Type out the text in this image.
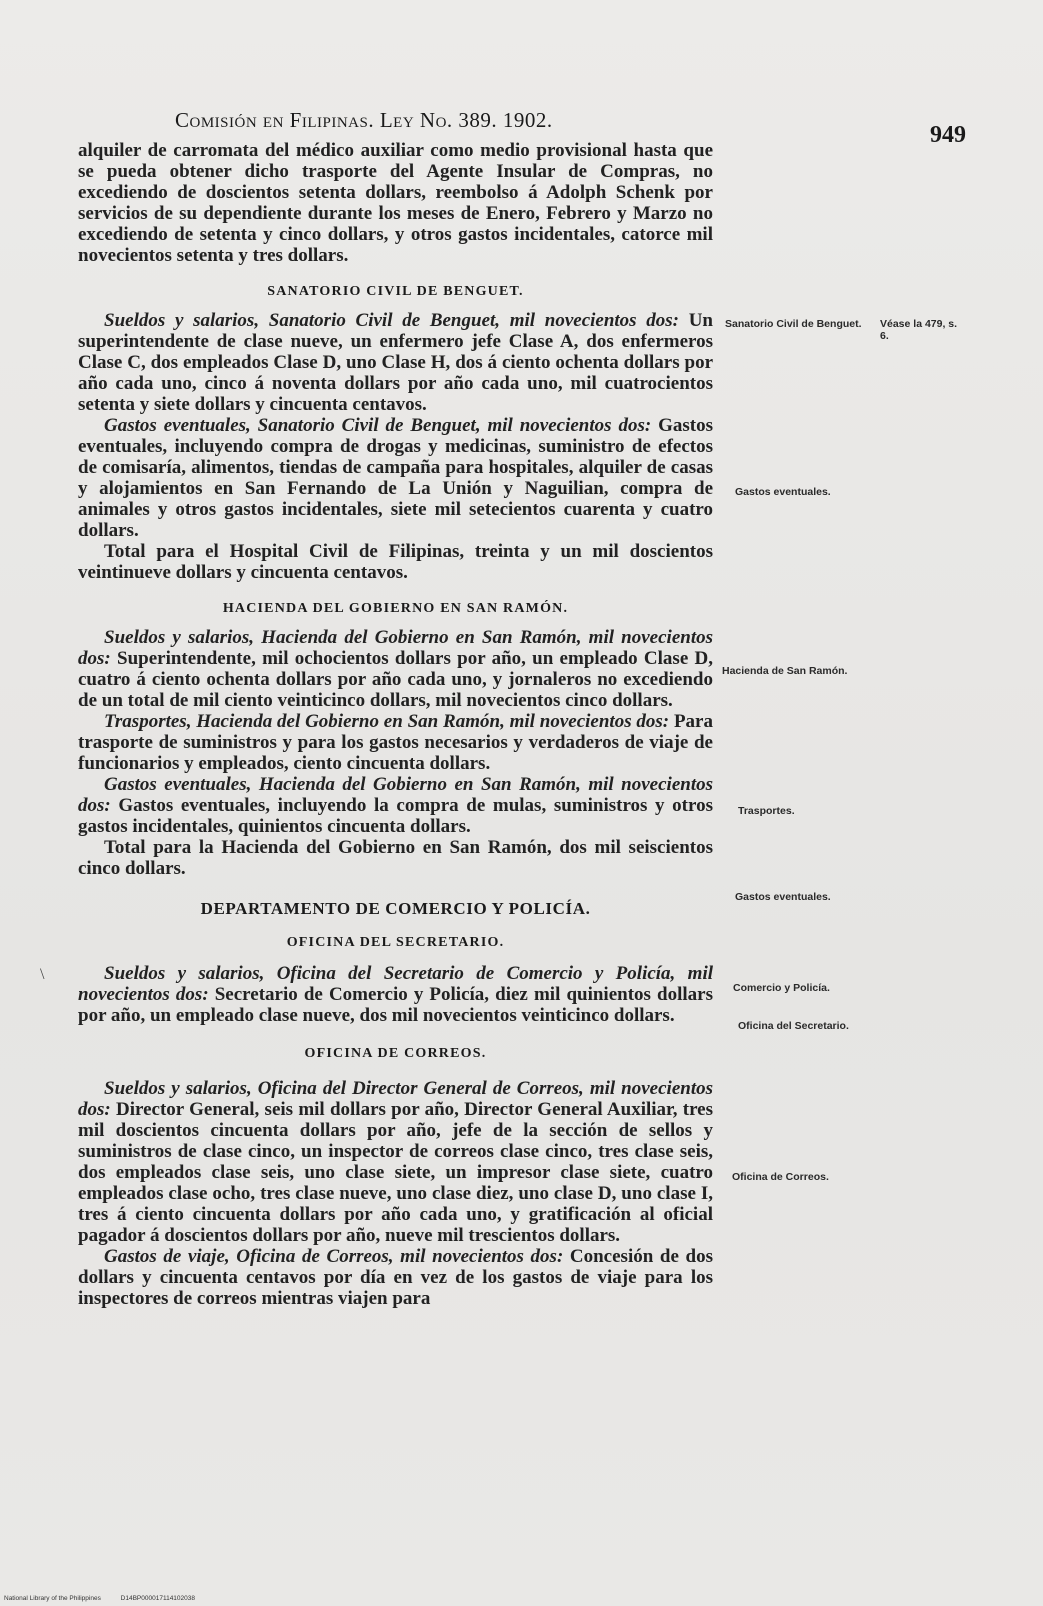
Comisión en Filipinas. Ley No. 389. 1902.
949

alquiler de carromata del médico auxiliar como medio provisional hasta que se pueda obtener dicho trasporte del Agente Insular de Compras, no excediendo de doscientos setenta dollars, reembolso á Adolph Schenk por servicios de su dependiente durante los meses de Enero, Febrero y Marzo no excediendo de setenta y cinco dollars, y otros gastos incidentales, catorce mil novecientos setenta y tres dollars.

SANATORIO CIVIL DE BENGUET.

Sueldos y salarios, Sanatorio Civil de Benguet, mil novecientos dos: Un superintendente de clase nueve, un enfermero jefe Clase A, dos enfermeros Clase C, dos empleados Clase D, uno Clase H, dos á ciento ochenta dollars por año cada uno, cinco á noventa dollars por año cada uno, mil cuatrocientos setenta y siete dollars y cincuenta centavos.

Gastos eventuales, Sanatorio Civil de Benguet, mil novecientos dos: Gastos eventuales, incluyendo compra de drogas y medicinas, suministro de efectos de comisaría, alimentos, tiendas de campaña para hospitales, alquiler de casas y alojamientos en San Fernando de La Unión y Naguilian, compra de animales y otros gastos incidentales, siete mil setecientos cuarenta y cuatro dollars.

Total para el Hospital Civil de Filipinas, treinta y un mil doscientos veintinueve dollars y cincuenta centavos.

HACIENDA DEL GOBIERNO EN SAN RAMÓN.

Sueldos y salarios, Hacienda del Gobierno en San Ramón, mil novecientos dos: Superintendente, mil ochocientos dollars por año, un empleado Clase D, cuatro á ciento ochenta dollars por año cada uno, y jornaleros no excediendo de un total de mil ciento veinticinco dollars, mil novecientos cinco dollars.

Trasportes, Hacienda del Gobierno en San Ramón, mil novecientos dos: Para trasporte de suministros y para los gastos necesarios y verdaderos de viaje de funcionarios y empleados, ciento cincuenta dollars.

Gastos eventuales, Hacienda del Gobierno en San Ramón, mil novecientos dos: Gastos eventuales, incluyendo la compra de mulas, suministros y otros gastos incidentales, quinientos cincuenta dollars.

Total para la Hacienda del Gobierno en San Ramón, dos mil seiscientos cinco dollars.

DEPARTAMENTO DE COMERCIO Y POLICÍA.

OFICINA DEL SECRETARIO.

Sueldos y salarios, Oficina del Secretario de Comercio y Policía, mil novecientos dos: Secretario de Comercio y Policía, diez mil quinientos dollars por año, un empleado clase nueve, dos mil novecientos veinticinco dollars.

OFICINA DE CORREOS.

Sueldos y salarios, Oficina del Director General de Correos, mil novecientos dos: Director General, seis mil dollars por año, Director General Auxiliar, tres mil doscientos cincuenta dollars por año, jefe de la sección de sellos y suministros de clase cinco, un inspector de correos clase cinco, tres clase seis, dos empleados clase seis, uno clase siete, un impresor clase siete, cuatro empleados clase ocho, tres clase nueve, uno clase diez, uno clase D, uno clase I, tres á ciento cincuenta dollars por año cada uno, y gratificación al oficial pagador á doscientos dollars por año, nueve mil trescientos dollars.

Gastos de viaje, Oficina de Correos, mil novecientos dos: Concesión de dos dollars y cincuenta centavos por día en vez de los gastos de viaje para los inspectores de correos mientras viajen para

Sanatorio Civil de Benguet.	Véase la 479, s. 6.
Gastos eventuales.
Hacienda de San Ramón.
Trasportes.
Gastos eventuales.
Comercio y Policía.
Oficina del Secretario.
Oficina de Correos.
\
National Library of the Philippines	D14BP000017114102038
